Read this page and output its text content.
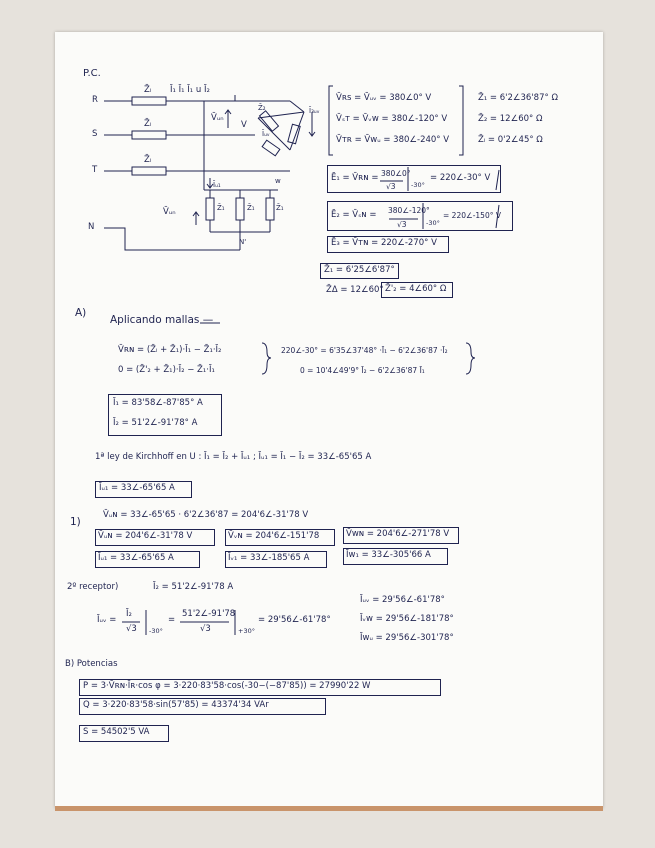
P.C.
R
S
T
N
Z̄ₗ
Z̄ₗ
Z̄ₗ
Ī₁ Ī₁ Ī₁ u Ī₂
V̄ᵤₙ
V
w
N'
Z̄₂
Īᵤᵥ
Ī₃ᵤᵥ
Īᵤ₁
V̄ᵤₙ	Z̄₁	Z̄₁	Z̄₁
V̄ʀs = V̄ᵤᵥ = 380∠0° V
V̄ₛᴛ = V̄ᵥw = 380∠-120° V
V̄ᴛʀ = V̄wᵤ = 380∠-240° V
Z̄₁ = 6'2∠36'87° Ω
Z̄₂ = 12∠60° Ω
Z̄ₗ = 0'2∠45° Ω
Ē₁ = V̄ʀɴ = 380∠0°
√3 -30°
= 220∠-30° V
Ē₂ = V̄ₛɴ = 380∠-120°
√3	-30°
= 220∠-150° V
Ē₃ = V̄ᴛɴ = 220∠-270° V
Z̄₁ = 6'25∠6'87°
Z̄Δ = 12∠60° Z̄'₂ = 4∠60° Ω
A)
Aplicando mallas —
V̄ʀɴ = (Z̄ₗ + Z̄₁)·Ī₁ − Z̄₁·Ī₂
0 = (Z̄'₂ + Z̄₁)·Ī₂ − Z̄₁·Ī₁
220∠-30° = 6'35∠37'48° ·Ī₁ − 6'2∠36'87 ·Ī₂
0 = 10'4∠49'9° Ī₂ − 6'2∠36'87 Ī₁
Ī₁ = 83'58∠-87'85° A
Ī₂ = 51'2∠-91'78° A
1ª ley de Kirchhoff en U : Ī₁ = Ī₂ + Īᵤ₁ ; Īᵤ₁ = Ī₁ − Ī₂ = 33∠-65'65 A
Īᵤ₁ = 33∠-65'65 A
1)
V̄ᵤɴ = 33∠-65'65 · 6'2∠36'87 = 204'6∠-31'78 V
V̄ᵤɴ = 204'6∠-31'78 V	V̄ᵥɴ = 204'6∠-151'78	V̄wɴ = 204'6∠-271'78 V
Īᵤ₁ = 33∠-65'65 A	Īᵥ₁ = 33∠-185'65 A	Īw₁ = 33∠-305'66 A
2º receptor)	Ī₂ = 51'2∠-91'78 A
Īᵤᵥ =
Ī₂
√3 -30°
=
51'2∠-91'78
√3	+30°
= 29'56∠-61'78°
Īᵤᵥ = 29'56∠-61'78°
Īᵥw = 29'56∠-181'78°
Īwᵤ = 29'56∠-301'78°
B) Potencias
P = 3·V̄ʀɴ·Īʀ·cos φ = 3·220·83'58·cos(-30−(−87'85)) = 27990'22 W
Q = 3·220·83'58·sin(57'85) = 43374'34 VAr
S = 54502'5 VA
